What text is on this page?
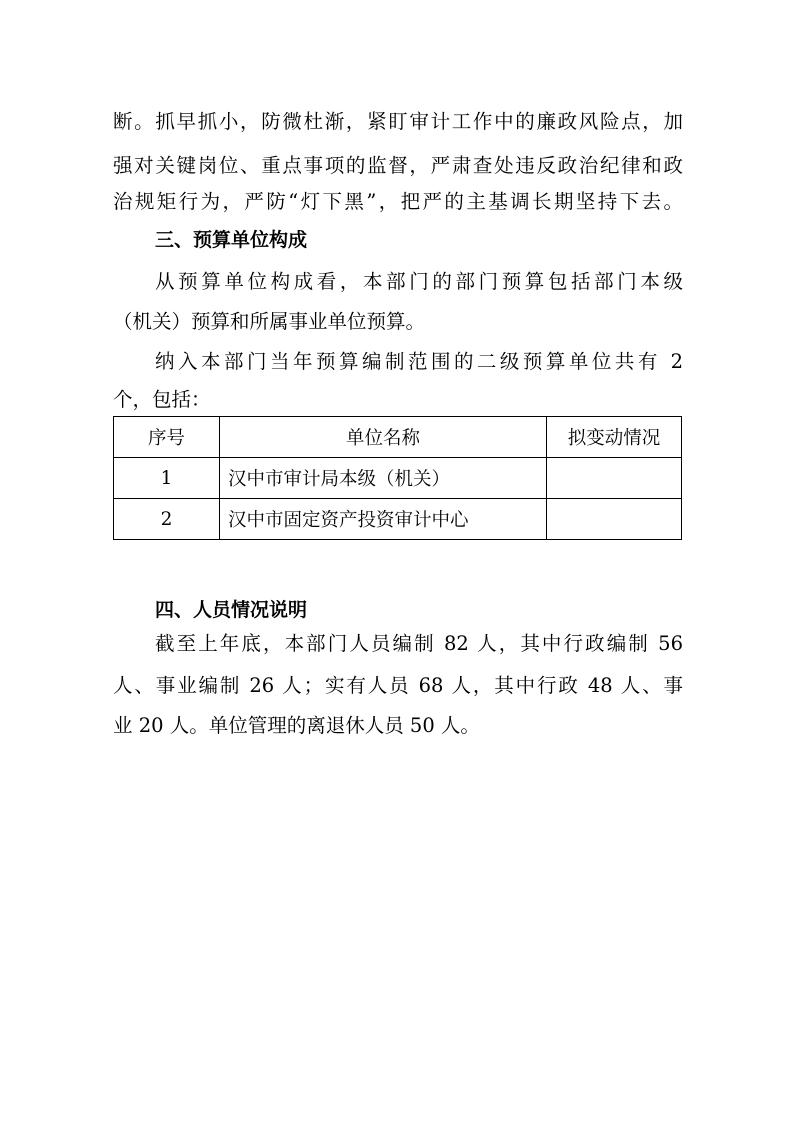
断。抓早抓小，防微杜渐，紧盯审计工作中的廉政风险点，加
强对关键岗位、重点事项的监督，严肃查处违反政治纪律和政
治规矩行为，严防“灯下黑”，把严的主基调长期坚持下去。
三、预算单位构成
从预算单位构成看，本部门的部门预算包括部门本级
（机关）预算和所属事业单位预算。
纳入本部门当年预算编制范围的二级预算单位共有 2
个，包括：
序号	单位名称	拟变动情况
1	汉中市审计局本级（机关）	
2	汉中市固定资产投资审计中心	
四、人员情况说明
截至上年底，本部门人员编制 82 人，其中行政编制 56
人、事业编制 26 人；实有人员 68 人，其中行政 48 人、事
业 20 人。单位管理的离退休人员 50 人。
